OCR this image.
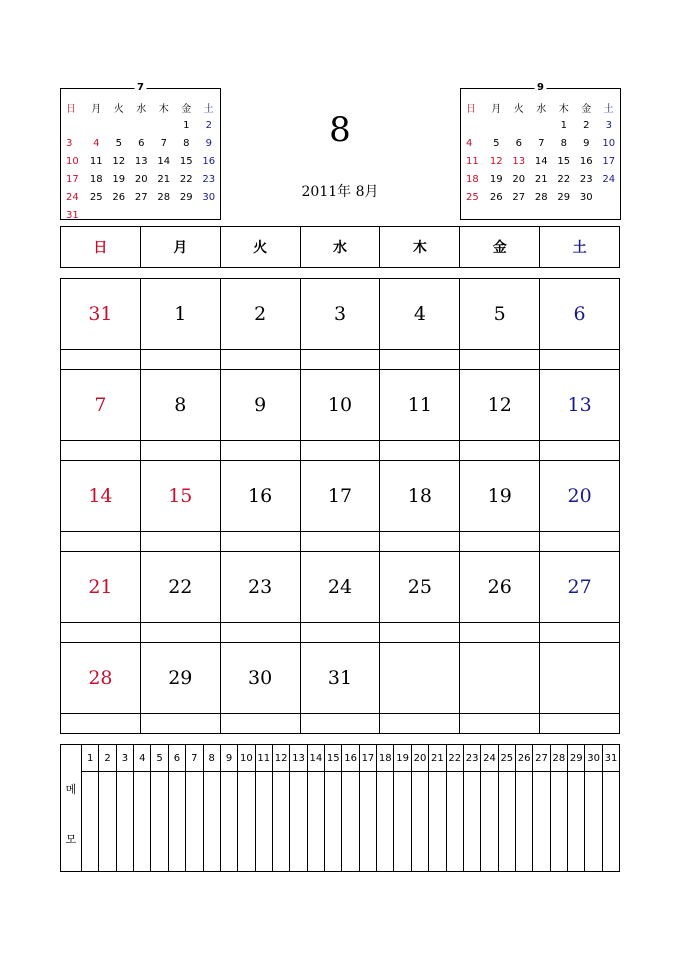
7
日	月	火	水	木	金	土
					1	2
3	4	5	6	7	8	9
10	11	12	13	14	15	16
17	18	19	20	21	22	23
24	25	26	27	28	29	30
31						
9
日	月	火	水	木	金	土
				1	2	3
4	5	6	7	8	9	10
11	12	13	14	15	16	17
18	19	20	21	22	23	24
25	26	27	28	29	30	
8
2011年 8月
日	月	火	水	木	金	土
31	1	2	3	4	5	6
7	8	9	10	11	12	13
14	15	16	17	18	19	20
21	22	23	24	25	26	27
28	29	30	31
메
모
1	2	3	4	5	6	7	8	9 10 11 12 13 14 15 16 17 18 19 20 21 22 23 24 25 26 27 28 29 30 31
